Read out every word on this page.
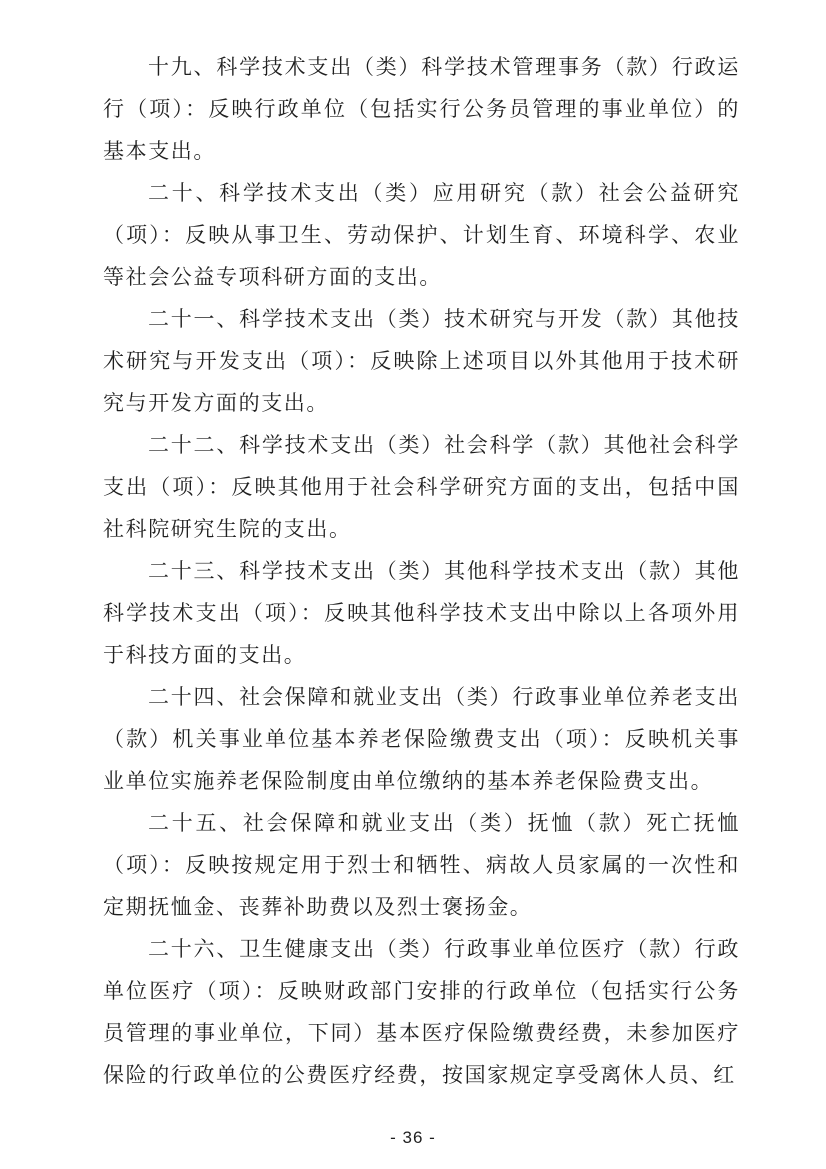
十九、科学技术支出（类）科学技术管理事务（款）行政运行（项）：反映行政单位（包括实行公务员管理的事业单位）的基本支出。

二十、科学技术支出（类）应用研究（款）社会公益研究（项）：反映从事卫生、劳动保护、计划生育、环境科学、农业等社会公益专项科研方面的支出。

二十一、科学技术支出（类）技术研究与开发（款）其他技术研究与开发支出（项）：反映除上述项目以外其他用于技术研究与开发方面的支出。

二十二、科学技术支出（类）社会科学（款）其他社会科学支出（项）：反映其他用于社会科学研究方面的支出，包括中国社科院研究生院的支出。

二十三、科学技术支出（类）其他科学技术支出（款）其他科学技术支出（项）：反映其他科学技术支出中除以上各项外用于科技方面的支出。

二十四、社会保障和就业支出（类）行政事业单位养老支出（款）机关事业单位基本养老保险缴费支出（项）：反映机关事业单位实施养老保险制度由单位缴纳的基本养老保险费支出。

二十五、社会保障和就业支出（类）抚恤（款）死亡抚恤（项）：反映按规定用于烈士和牺牲、病故人员家属的一次性和定期抚恤金、丧葬补助费以及烈士褒扬金。

二十六、卫生健康支出（类）行政事业单位医疗（款）行政单位医疗（项）：反映财政部门安排的行政单位（包括实行公务员管理的事业单位，下同）基本医疗保险缴费经费，未参加医疗保险的行政单位的公费医疗经费，按国家规定享受离休人员、红

- 36 -
